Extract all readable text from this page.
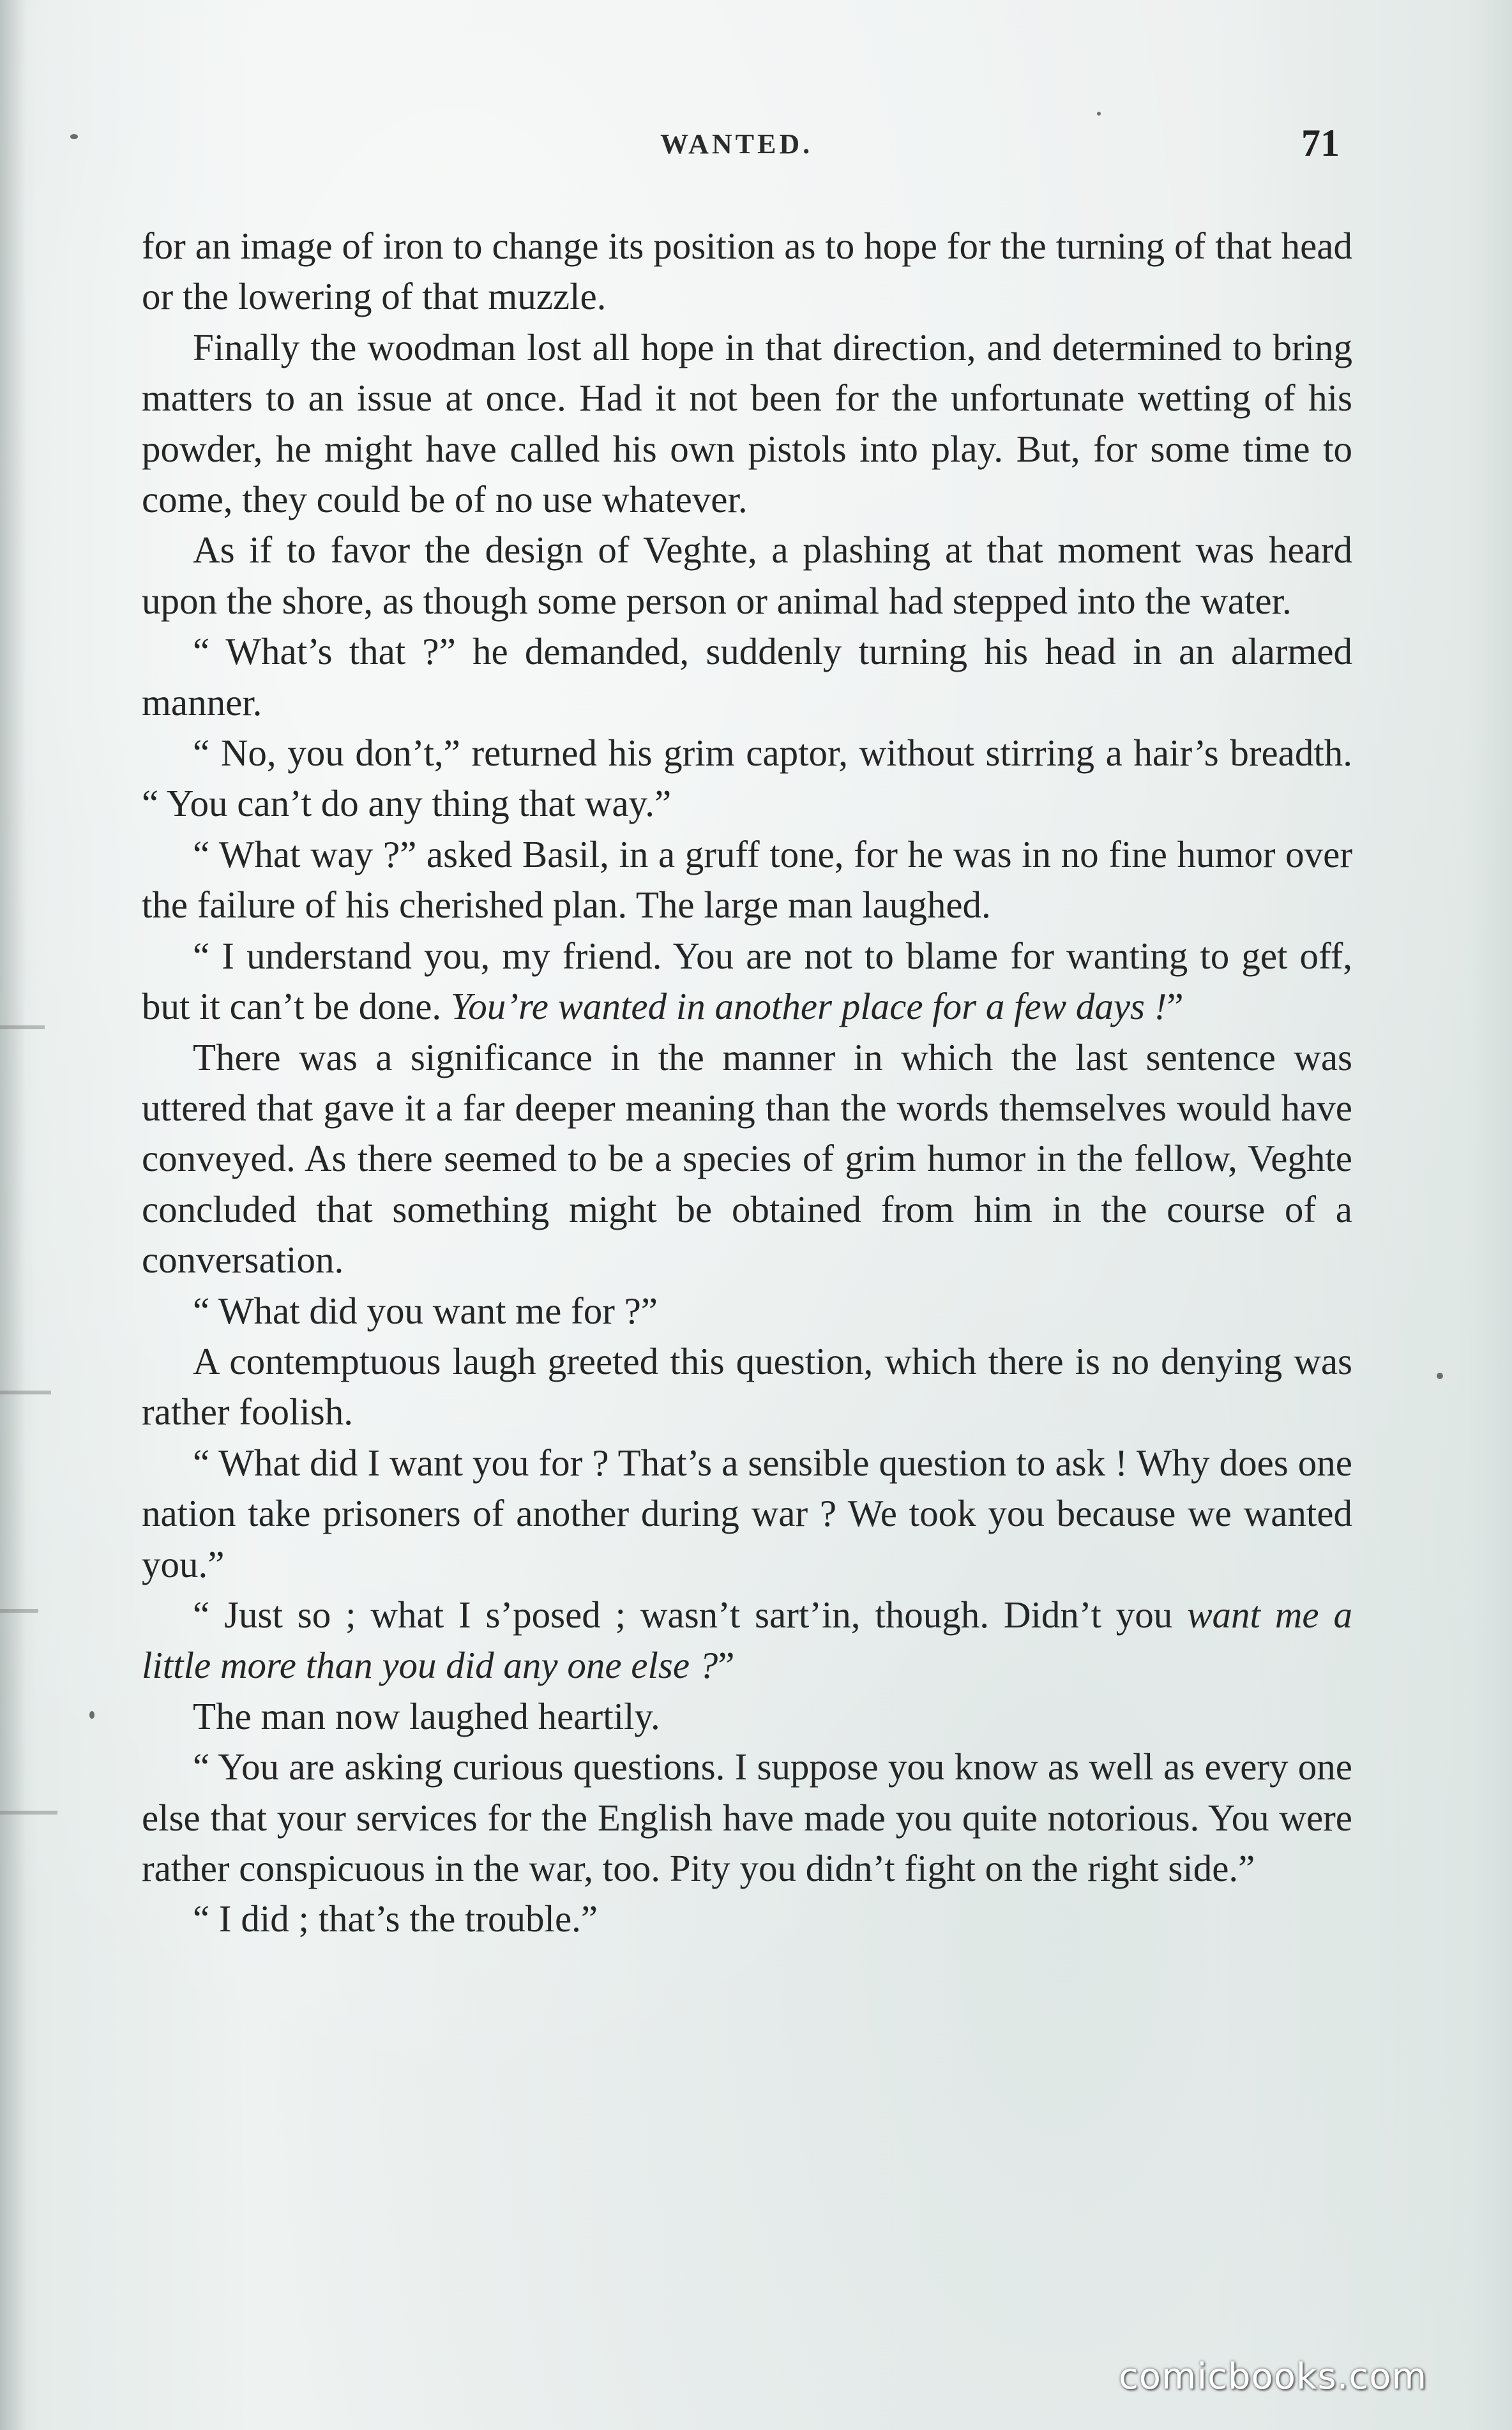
WANTED.	71

for an image of iron to change its position as to hope for the turning of that head or the lowering of that muzzle.

Finally the woodman lost all hope in that direction, and determined to bring matters to an issue at once. Had it not been for the unfortunate wetting of his powder, he might have called his own pistols into play. But, for some time to come, they could be of no use whatever.

As if to favor the design of Veghte, a plashing at that moment was heard upon the shore, as though some person or animal had stepped into the water.

“ What’s that ?” he demanded, suddenly turning his head in an alarmed manner.

“ No, you don’t,” returned his grim captor, without stirring a hair’s breadth. “ You can’t do any thing that way.”

“ What way ?” asked Basil, in a gruff tone, for he was in no fine humor over the failure of his cherished plan. The large man laughed.

“ I understand you, my friend. You are not to blame for wanting to get off, but it can’t be done. You’re wanted in another place for a few days !”

There was a significance in the manner in which the last sentence was uttered that gave it a far deeper meaning than the words themselves would have conveyed. As there seemed to be a species of grim humor in the fellow, Veghte concluded that something might be obtained from him in the course of a conversation.

“ What did you want me for ?”

A contemptuous laugh greeted this question, which there is no denying was rather foolish.

“ What did I want you for ? That’s a sensible question to ask ! Why does one nation take prisoners of another during war ? We took you because we wanted you.”

“ Just so ; what I s’posed ; wasn’t sart’in, though. Didn’t you want me a little more than you did any one else ?”

The man now laughed heartily.

“ You are asking curious questions. I suppose you know as well as every one else that your services for the English have made you quite notorious. You were rather conspicuous in the war, too. Pity you didn’t fight on the right side.”

“ I did ; that’s the trouble.”

comicbooks.com
